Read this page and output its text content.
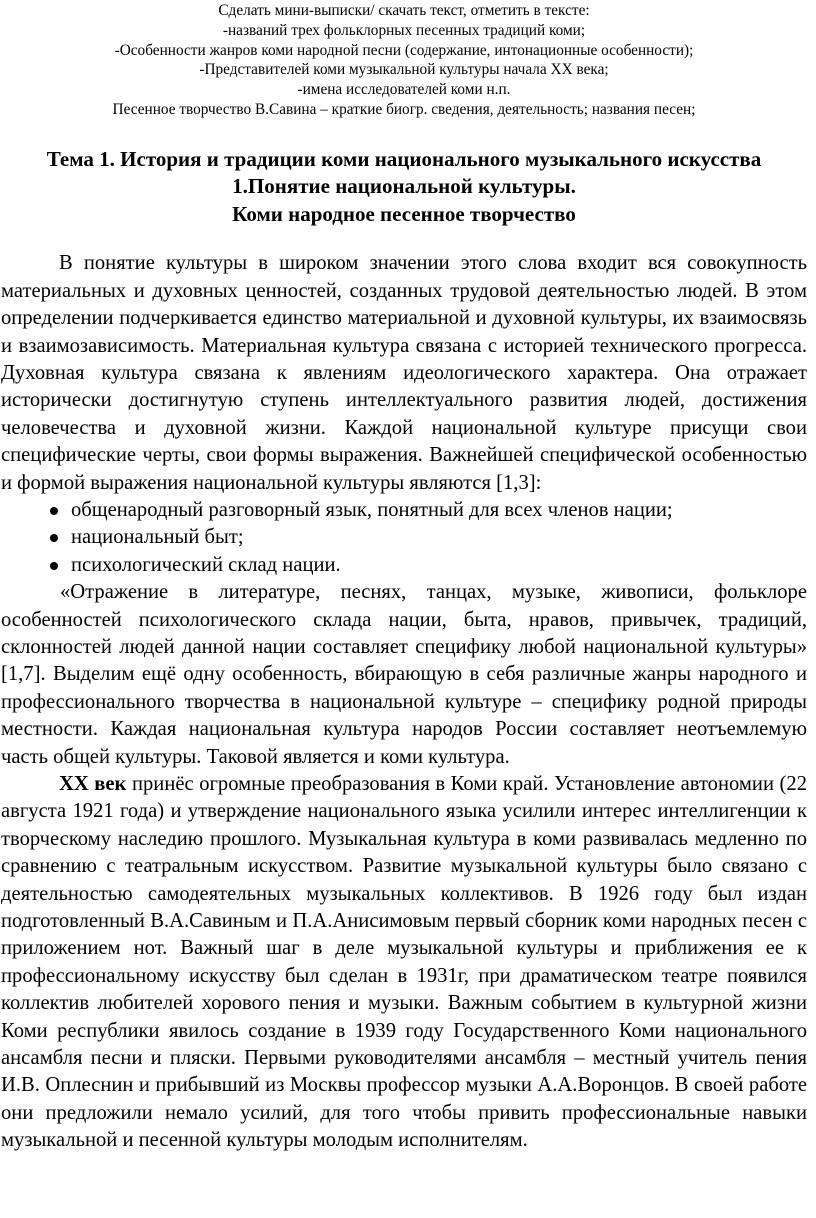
Сделать мини-выписки/ скачать текст, отметить в тексте:
-названий трех фольклорных песенных традиций коми;
-Особенности жанров коми народной песни (содержание, интонационные особенности);
-Представителей коми музыкальной культуры начала XX века;
-имена исследователей коми н.п.
Песенное творчество В.Савина – краткие биогр. сведения, деятельность; названия песен;
Тема 1. История и традиции коми национального музыкального искусства
1.Понятие национальной культуры.
Коми народное песенное творчество

В понятие культуры в широком значении этого слова входит вся совокупность материальных и духовных ценностей, созданных трудовой деятельностью людей. В этом определении подчеркивается единство материальной и духовной культуры, их взаимосвязь и взаимозависимость. Материальная культура связана с историей технического прогресса. Духовная культура связана к явлениям идеологического характера. Она отражает исторически достигнутую ступень интеллектуального развития людей, достижения человечества и духовной жизни. Каждой национальной культуре присущи свои специфические черты, свои формы выражения. Важнейшей специфической особенностью и формой выражения национальной культуры являются [1,3]:

общенародный разговорный язык, понятный для всех членов нации;
национальный быт;
психологический склад нации.

«Отражение в литературе, песнях, танцах, музыке, живописи, фольклоре особенностей психологического склада нации, быта, нравов, привычек, традиций, склонностей людей данной нации составляет специфику любой национальной культуры» [1,7]. Выделим ещё одну особенность, вбирающую в себя различные жанры народного и профессионального творчества в национальной культуре – специфику родной природы местности. Каждая национальная культура народов России составляет неотъемлемую часть общей культуры. Таковой является и коми культура.

XX век принёс огромные преобразования в Коми край. Установление автономии (22 августа 1921 года) и утверждение национального языка усилили интерес интеллигенции к творческому наследию прошлого. Музыкальная культура в коми развивалась медленно по сравнению с театральным искусством. Развитие музыкальной культуры было связано с деятельностью самодеятельных музыкальных коллективов. В 1926 году был издан подготовленный В.А.Савиным и П.А.Анисимовым первый сборник коми народных песен с приложением нот. Важный шаг в деле музыкальной культуры и приближения ее к профессиональному искусству был сделан в 1931г, при драматическом театре появился коллектив любителей хорового пения и музыки. Важным событием в культурной жизни Коми республики явилось создание в 1939 году Государственного Коми национального ансамбля песни и пляски. Первыми руководителями ансамбля – местный учитель пения И.В. Оплеснин и прибывший из Москвы профессор музыки А.А.Воронцов. В своей работе они предложили немало усилий, для того чтобы привить профессиональные навыки музыкальной и песенной культуры молодым исполнителям.
